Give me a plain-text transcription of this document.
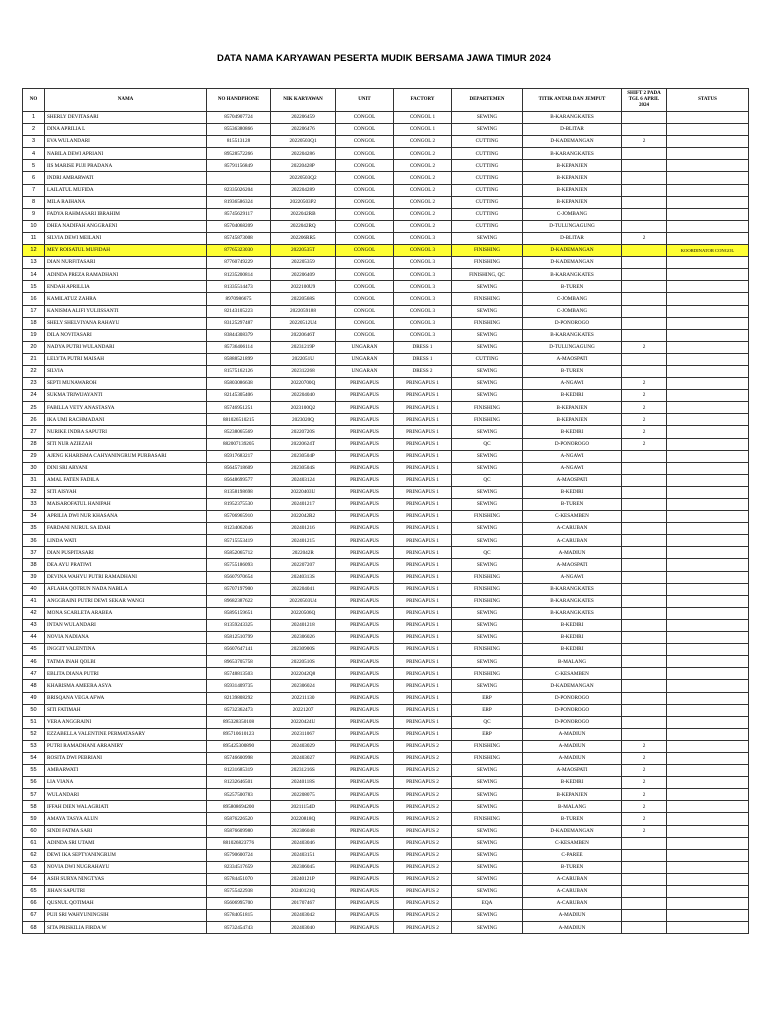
DATA NAMA KARYAWAN PESERTA MUDIK BERSAMA JAWA TIMUR 2024
NO	NAMA	NO HANDPHONE	NIK KARYAWAN	UNIT	FACTORY	DEPARTEMEN	TITIK ANTAR DAN JEMPUT	SHIFT 2 PADA TGL 6 APRIL 2024	STATUS
1	SHERLY DEVITASARI	85704907724	202206459	CONGOL	CONGOL 1	SEWING	B-KARANGKATES		
2	DINA APRILIA L	85536380866	202206476	CONGOL	CONGOL 1	SEWING	D-BLITAR		
3	EVA WULANDARI	815513128	20220503Q1	CONGOL	CONGOL 2	CUTTING	D-KADEMANGAN	2	
4	NABILA DEWI APRIANI	89528572266	202204286	CONGOL	CONGOL 2	CUTTING	B-KARANGKATES		
5	IIS MARISE PUJI PRADANA	85791156849	20220428P	CONGOL	CONGOL 2	CUTTING	B-KEPANJEN		
6	INDRI AMBARWATI		20220503Q2	CONGOL	CONGOL 2	CUTTING	B-KEPANJEN		
7	LAILATUL MUFIDA	82335026204	202204289	CONGOL	CONGOL 2	CUTTING	B-KEPANJEN		
8	MILA RAIHANA	81936586324	20220503P2	CONGOL	CONGOL 2	CUTTING	B-KEPANJEN		
9	FADYA RAHMASARI IBRAHIM	85745629117	2022042RB	CONGOL	CONGOL 2	CUTTING	C-JOMBANG		
10	DHEA NADIFAH ANGGRAENI	85704068209	2022042RQ	CONGOL	CONGOL 2	CUTTING	D-TULUNGAGUNG		
11	SILVIA DEWI MEILANI	85745873008	202206RR5	CONGOL	CONGOL 3	SEWING	D-BLITAR	2	
12	MEY ROISATUL MUFIDAH	87765323030	20220535T	CONGOL	CONGOL 3	FINISHING	D-KADEMANGAN		KOORDINATOR CONGOL
13	DIAN NURFITASARI	87760749229	202205359	CONGOL	CONGOL 3	FINISHING	D-KADEMANGAN		
14	ADINDA PREZA RAMADHANI	81235200814	202206409	CONGOL	CONGOL 3	FINISHING, QC	B-KARANGKATES		
15	ENDAH APRILLIA	81335514473	2022100U9	CONGOL	CONGOL 3	SEWING	B-TUREN		
16	KAMILATUZ ZAHRA	8970986675	20220568S	CONGOL	CONGOL 3	FINISHING	C-JOMBANG		
17	KANISMA ALIFI YULIISSANTI	82143105223	2022059188	CONGOL	CONGOL 3	SEWING	C-JOMBANG		
18	SHELY SHELVIYANA RAHAYU	83125297487	20220512U4	CONGOL	CONGOL 3	FINISHING	D-PONOROGO		
19	DILA NOVITASARI	83844308379	20220646T	CONGOL	CONGOL 3	SEWING	B-KARANGKATES		
20	NADYA PUTRI WULANDARI	85736406114	20231219P	UNGARAN	DRESS 1	SEWING	D-TULUNGAGUNG	2	
21	LELYTA PUTRI MAISAH	85888521899	2022051U	UNGARAN	DRESS 1	CUTTING	A-MAOSPATI		
22	SILVIA	81575162126	202312268	UNGARAN	DRESS 2	SEWING	B-TUREN		
23	SEPTI MUNAWAROH	85803086638	20220700Q	PRINGAPUS	PRINGAPUS 1	SEWING	A-NGAWI	2	
24	SUKMA TRIWIJAYANTI	82145305406	202204040	PRINGAPUS	PRINGAPUS 1	SEWING	B-KEDIRI	2	
25	FABILLA VETY ANASTASYA	85746951251	2023100Q2	PRINGAPUS	PRINGAPUS 1	FINISHING	B-KEPANJEN	2	
26	IKA UMI RACHMADANI	881026510215	2023020Q	PRINGAPUS	PRINGAPUS 1	FINISHING	B-KEPANJEN	2	
27	NURIKE INDRA SAPUTRI	85238065569	20220720S	PRINGAPUS	PRINGAPUS 1	SEWING	B-KEDIRI	2	
28	SITI NUR AZIEZAH	882007139205	20220624T	PRINGAPUS	PRINGAPUS 1	QC	D-PONOROGO	2	
29	AJENG KHARISMA CAHYANINGRUM PURBASARI	85917683217	20230504P	PRINGAPUS	PRINGAPUS 1	SEWING	A-NGAWI		
30	DINI SRI ARYANI	85645718609	20230504S	PRINGAPUS	PRINGAPUS 1	SEWING	A-NGAWI		
31	AMAL FATEN FADILA	85648699577	202403124	PRINGAPUS	PRINGAPUS 1	QC	A-MAOSPATI		
32	SITI AISYAH	81358198698	20220403U	PRINGAPUS	PRINGAPUS 1	SEWING	B-KEDIRI		
33	MAISAROFATUL HANIPAH	81952375530	202401217	PRINGAPUS	PRINGAPUS 1	SEWING	B-TUREN		
34	APRILIA DWI NUR KHASANA	85706965910	2022042R2	PRINGAPUS	PRINGAPUS 1	FINISHING	C-KESAMBEN		
35	FARDANI NURUL SA IDAH	81234062046	202401216	PRINGAPUS	PRINGAPUS 1	SEWING	A-CARUBAN		
36	LINDA WATI	85715553419	202401215	PRINGAPUS	PRINGAPUS 1	SEWING	A-CARUBAN		
37	DIAN PUSPITASARI	85852065712	2022042R	PRINGAPUS	PRINGAPUS 1	QC	A-MADIUN		
38	DEA AYU PRATIWI	85755186093	202207207	PRINGAPUS	PRINGAPUS 1	SEWING	A-MAOSPATI		
39	DEVINA WAHYU PUTRI RAMADHANI	85607970654	20240313S	PRINGAPUS	PRINGAPUS 1	FINISHING	A-NGAWI		
40	AFLAHA QOTRUN NADA NABILA	85707197900	202204041	PRINGAPUS	PRINGAPUS 1	FINISHING	B-KARANGKATES		
41	ANGGRAINI PUTRI DEWI SEKAR WANGI	89682387622	20220503U4	PRINGAPUS	PRINGAPUS 1	FINISHING	B-KARANGKATES		
42	MONA SCARLETA ARABEA	85895159651	20220506Q	PRINGAPUS	PRINGAPUS 1	SEWING	B-KARANGKATES		
43	INTAN WULANDARI	81359243325	202401218	PRINGAPUS	PRINGAPUS 1	SEWING	B-KEDIRI		
44	NOVIA NADIANA	85812510799	202306026	PRINGAPUS	PRINGAPUS 1	SEWING	B-KEDIRI		
45	INGGIT VALENTINA	85607647141	20230900S	PRINGAPUS	PRINGAPUS 1	FINISHING	B-KEDIRI		
46	TATMA INAH QOLBI	89653705758	20220510S	PRINGAPUS	PRINGAPUS 1	SEWING	B-MALANG		
47	EBLITA DIANA PUTRI	85748813503	2022042Q8	PRINGAPUS	PRINGAPUS 1	FINISHING	C-KESAMBEN		
48	KHARISMA AMEERA ASYA	85931409735	202306024	PRINGAPUS	PRINGAPUS 1	SEWING	D-KADEMANGAN		
49	BRISQANA VEGA AFWA	82139808292	202211130	PRINGAPUS	PRINGAPUS 1	ERP	D-PONOROGO		
50	SITI FATIMAH	85732362473	20221207	PRINGAPUS	PRINGAPUS 1	ERP	D-PONOROGO		
51	VERA ANGGRAINI	895328350108	20220424U	PRINGAPUS	PRINGAPUS 1	QC	D-PONOROGO		
52	EZZABELLA VALENTINE PERMATASARY	895710610123	202311067	PRINGAPUS	PRINGAPUS 1	ERP	A-MADIUN		
53	PUTRI RAMADHANI ARRANIRY	895425300890	202403029	PRINGAPUS	PRINGAPUS 2	FINISHING	A-MADIUN	2	
54	ROSITA DWI PEBRIANI	85746600998	202403027	PRINGAPUS	PRINGAPUS 2	FINISHING	A-MADIUN	2	
55	AMBARWATI	81231685319	20231216S	PRINGAPUS	PRINGAPUS 2	SEWING	A-MAOSPATI	2	
56	LIA VIANA	81232646501	20240118S	PRINGAPUS	PRINGAPUS 2	SEWING	B-KEDIRI	2	
57	WULANDARI	85257500783	202208075	PRINGAPUS	PRINGAPUS 2	SEWING	B-KEPANJEN	2	
58	IFFAH DIEN WALAGRIATI	895808694200	20211154D	PRINGAPUS	PRINGAPUS 2	SEWING	B-MALANG	2	
59	AMAYA TASYA ALUN	85876226520	20220818Q	PRINGAPUS	PRINGAPUS 2	FINISHING	B-TUREN	2	
60	SINDI FATMA SARI	85876609980	202306048	PRINGAPUS	PRINGAPUS 2	SEWING	D-KADEMANGAN	2	
61	ADINDA SRI UTAMI	881026823776	202403046	PRINGAPUS	PRINGAPUS 2	SEWING	C-KESAMBEN		
62	DEWI IKA SEPTYANINGRUM	85790600724	202403151	PRINGAPUS	PRINGAPUS 2	SEWING	C-PAREE		
63	NOVIA DWI NUGRAHAYU	82334517659	202306045	PRINGAPUS	PRINGAPUS 2	SEWING	B-TUREN		
64	ASIH SURYA NINGTYAS	85784451070	20240121P	PRINGAPUS	PRINGAPUS 2	SEWING	A-CARUBAN		
65	JIHAN SAPUTRI	85755422938	20240121Q	PRINGAPUS	PRINGAPUS 2	SEWING	A-CARUBAN		
66	QUSNUL QOTIMAH	85606995700	201707467	PRINGAPUS	PRINGAPUS 2	EQA	A-CARUBAN		
67	PUJI SRI WAHYUNINGSIH	85784051815	202403042	PRINGAPUS	PRINGAPUS 2	SEWING	A-MADIUN		
68	SITA PRISKILIA FIRDA W	85732454743	202403040	PRINGAPUS	PRINGAPUS 2	SEWING	A-MADIUN		
